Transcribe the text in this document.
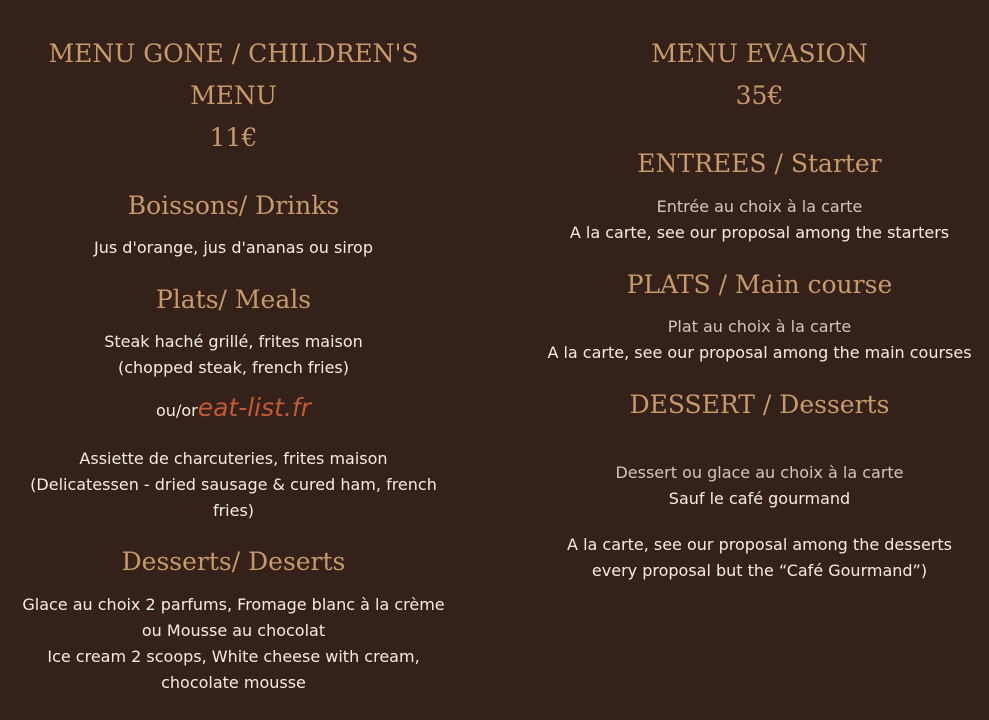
MENU GONE / CHILDREN'S

MENU

11€

Boissons/ Drinks

Jus d'orange, jus d'ananas ou sirop

Plats/ Meals

Steak haché grillé, frites maison

(chopped steak, french fries)

ou/oreat-list.fr

Assiette de charcuteries, frites maison

(Delicatessen - dried sausage & cured ham, french

fries)

Desserts/ Deserts

Glace au choix 2 parfums, Fromage blanc à la crème

ou Mousse au chocolat

Ice cream 2 scoops, White cheese with cream,

chocolate mousse

MENU EVASION

35€

ENTREES / Starter

Entrée au choix à la carte

A la carte, see our proposal among the starters

PLATS / Main course

Plat au choix à la carte

A la carte, see our proposal among the main courses

DESSERT / Desserts

Dessert ou glace au choix à la carte

Sauf le café gourmand

A la carte, see our proposal among the desserts

every proposal but the “Café Gourmand”)
